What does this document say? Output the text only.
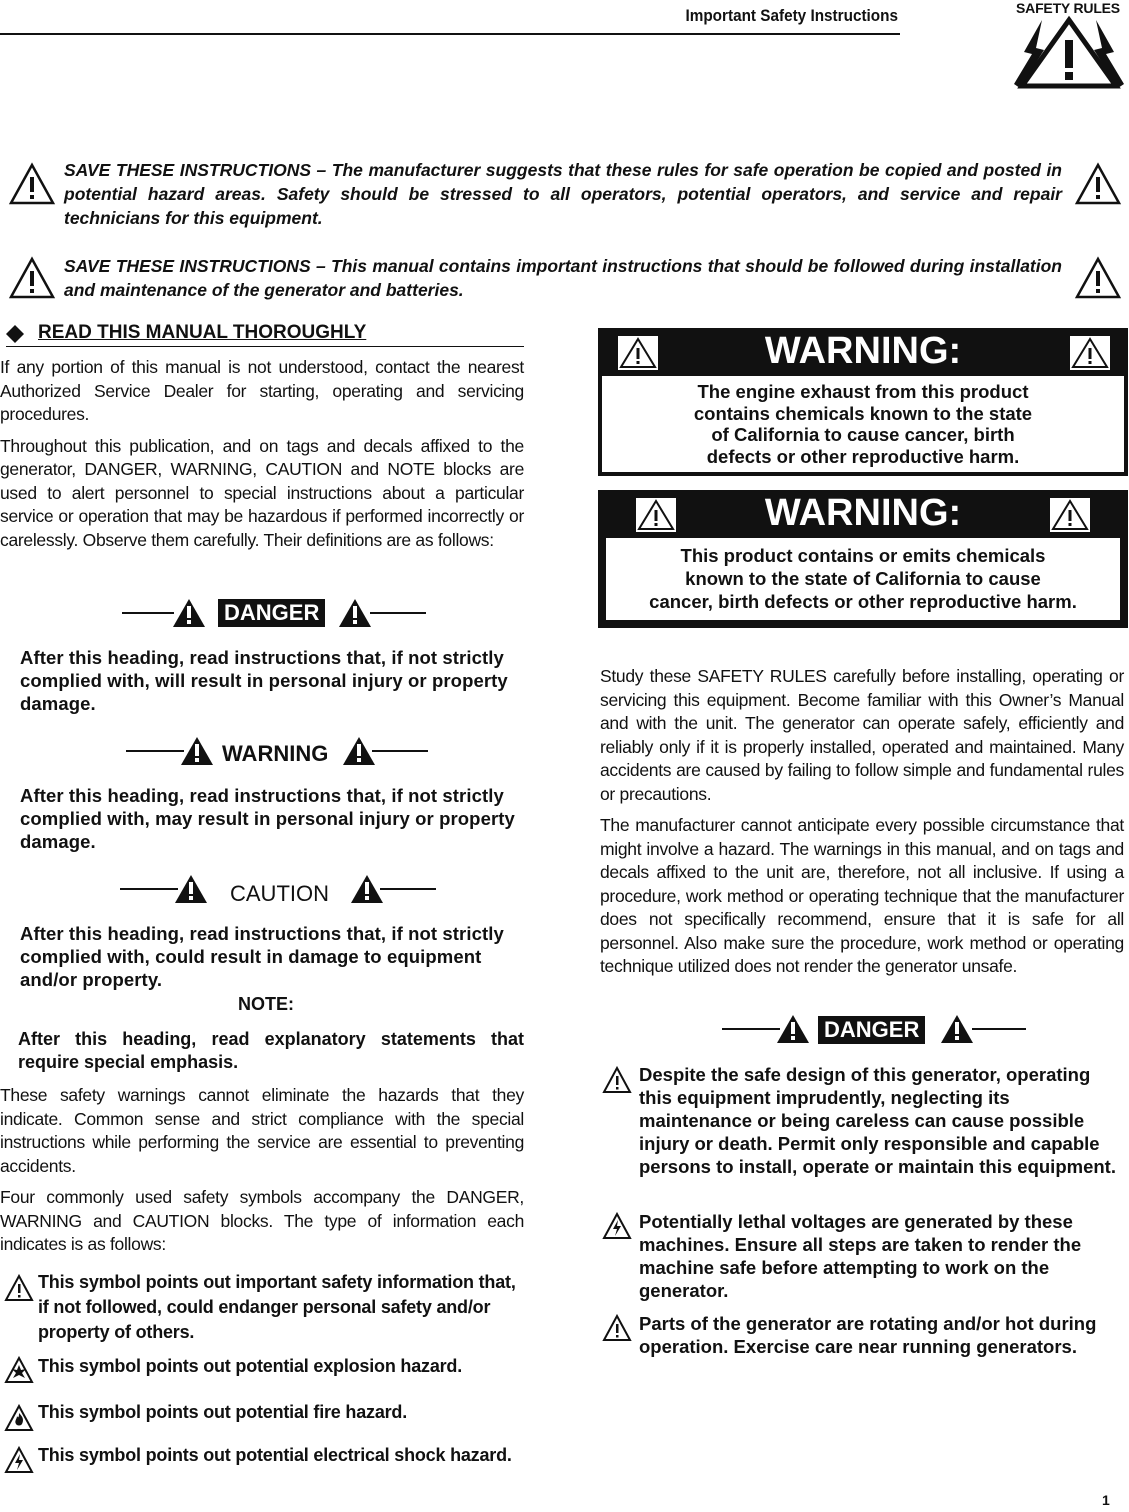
Important Safety Instructions	SAFETY RULES
SAVE THESE INSTRUCTIONS – The manufacturer suggests that these rules for safe operation be copied and posted in potential hazard areas. Safety should be stressed to all operators, potential operators, and service and repair technicians for this equipment.
SAVE THESE INSTRUCTIONS – This manual contains important instructions that should be followed during installation and maintenance of the generator and batteries.
READ THIS MANUAL THOROUGHLY

If any portion of this manual is not understood, contact the nearest Authorized Service Dealer for starting, operating and servicing procedures.

Throughout this publication, and on tags and decals affixed to the generator, DANGER, WARNING, CAUTION and NOTE blocks are used to alert personnel to special instructions about a particular service or operation that may be hazardous if performed incorrectly or carelessly. Observe them carefully. Their definitions are as follows:

DANGER
After this heading, read instructions that, if not strictly complied with, will result in personal injury or property damage.
WARNING
After this heading, read instructions that, if not strictly complied with, may result in personal injury or property damage.
CAUTION
After this heading, read instructions that, if not strictly complied with, could result in damage to equipment and/or property.
NOTE:
After this heading, read explanatory statements that require special emphasis.

These safety warnings cannot eliminate the hazards that they indicate. Common sense and strict compliance with the special instructions while performing the service are essential to preventing accidents.

Four commonly used safety symbols accompany the DANGER, WARNING and CAUTION blocks. The type of information each indicates is as follows:

This symbol points out important safety information that, if not followed, could endanger personal safety and/or property of others.
This symbol points out potential explosion hazard.
This symbol points out potential fire hazard.
This symbol points out potential electrical shock hazard.
WARNING:
The engine exhaust from this product
contains chemicals known to the state
of California to cause cancer, birth
defects or other reproductive harm.
WARNING:
This product contains or emits chemicals
known to the state of California to cause
cancer, birth defects or other reproductive harm.

Study these SAFETY RULES carefully before installing, operating or servicing this equipment. Become familiar with this Owner’s Manual and with the unit. The generator can operate safely, efficiently and reliably only if it is properly installed, operated and maintained. Many accidents are caused by failing to follow simple and fundamental rules or precautions.

The manufacturer cannot anticipate every possible circumstance that might involve a hazard. The warnings in this manual, and on tags and decals affixed to the unit are, therefore, not all inclusive. If using a procedure, work method or operating technique that the manufacturer does not specifically recommend, ensure that it is safe for all personnel. Also make sure the procedure, work method or operating technique utilized does not render the generator unsafe.

DANGER
Despite the safe design of this generator, operating this equipment imprudently, neglecting its maintenance or being careless can cause possible injury or death. Permit only responsible and capable persons to install, operate or maintain this equipment.
Potentially lethal voltages are generated by these machines. Ensure all steps are taken to render the machine safe before attempting to work on the generator.
Parts of the generator are rotating and/or hot during operation. Exercise care near running generators.
1
